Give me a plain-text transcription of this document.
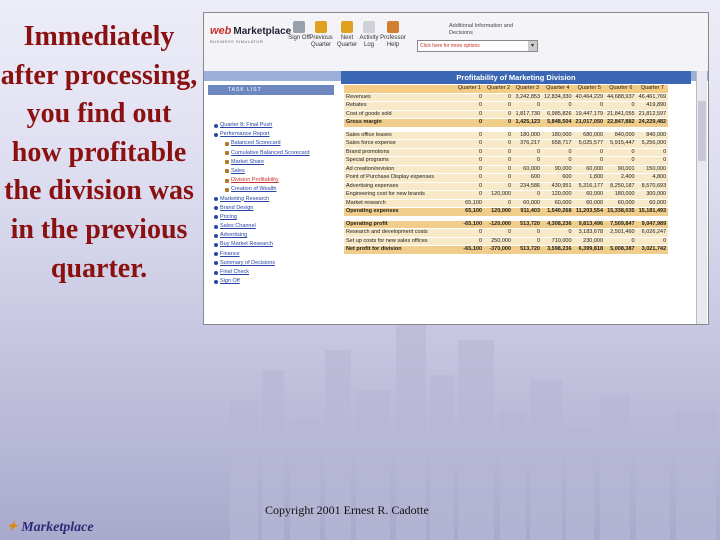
Immediately after processing, you find out how profitable the division was in the previous quarter.
web Marketplace
BUSINESS SIMULATOR
Sign Off Previous Quarter
Next Quarter
Activity Log
Professor Help
Additional Information and Decisions
Click here for more options	▾
TASK LIST
Quarter 8: Final Push
Performance Report
Balanced Scorecard
Cumulative Balanced Scorecard
Market Share
Sales
Division Profitability
Creation of Wealth
Marketing Research
Brand Design
Pricing
Sales Channel
Advertising
Buy Market Research
Finance
Summary of Decisions
Final Check
Sign Off
Profitability of Marketing Division
	Quarter 1	Quarter 2	Quarter 3	Quarter 4	Quarter 5	Quarter 6	Quarter 7
Revenues	0	0	3,242,853	12,834,330	40,464,229	44,688,937	46,461,769
Rebates	0	0	0	0	0	0	419,890
Cost of goods sold	0	0	1,817,730	6,985,826	19,447,179	21,841,055	21,812,597
Gross margin	0	0	1,425,123	5,848,504	21,017,050	22,847,882	24,229,482

Sales office leases	0	0	180,000	180,000	680,000	840,000	840,000
Sales force expense	0	0	376,217	658,717	5,025,577	5,915,447	5,256,000
Brand promotions	0	0	0	0	0	0	0
Special programs	0	0	0	0	0	0	0
Ad creation/revision	0	0	60,000	90,000	60,000	90,001	150,000
Point of Purchase Display expenses	0	0	600	600	1,800	2,400	4,800
Advertising expenses	0	0	234,586	430,951	5,316,177	8,250,187	8,570,693
Engineering cost for new brands	0	120,000	0	120,000	60,000	180,000	300,000
Market research	65,100	0	60,000	60,000	60,000	60,000	60,000
Operating expenses	65,100	120,000	911,403	1,540,268	11,203,554	15,338,035	15,181,493

Operating profit	-65,100	-120,000	513,720	4,308,236	9,813,496	7,509,847	9,047,989
Research and development costs	0	0	0	0	3,183,678	2,501,460	6,026,247
Set up costs for new sales offices	0	250,000	0	710,000	230,000	0	0
Net profit for division	-65,100	-370,000	513,720	3,598,236	6,399,818	5,008,387	3,021,742
Copyright 2001 Ernest R. Cadotte
✦ Marketplace
